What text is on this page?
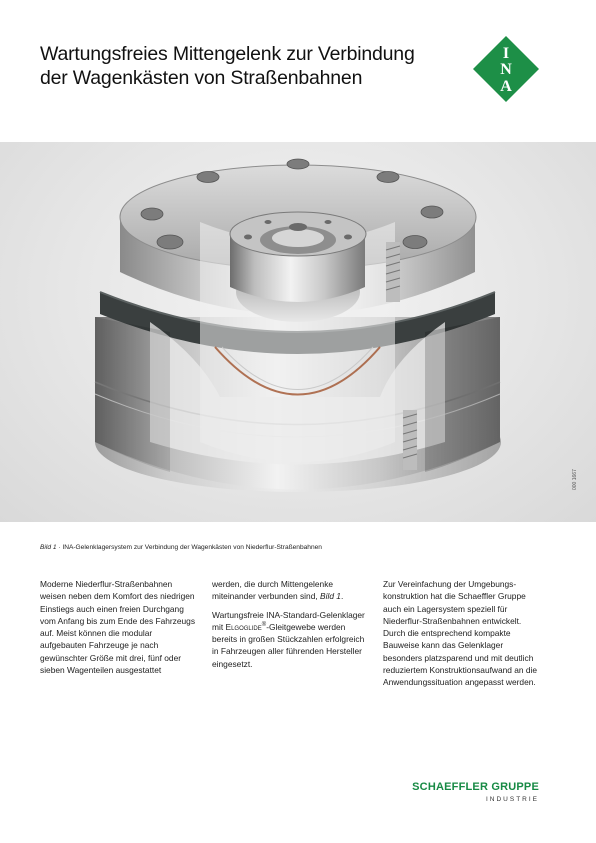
Wartungsfreies Mittengelenk zur Verbindung
der Wagenkästen von Straßenbahnen
I
N
A
000 1667
Bild 1 · INA-Gelenklagersystem zur Verbindung der Wagenkästen von Niederflur-Straßenbahnen

Moderne Niederflur-Straßenbahnen weisen neben dem Komfort des niedrigen Einstiegs auch einen freien Durchgang vom Anfang bis zum Ende des Fahrzeugs auf. Meist können die modular aufgebauten Fahrzeuge je nach gewünschter Größe mit drei, fünf oder sieben Wagenteilen ausgestattet

werden, die durch Mittengelenke miteinander verbunden sind, Bild 1.

Wartungsfreie INA-Standard-Gelenklager mit Elgoglide®-Gleitgewebe werden bereits in großen Stückzahlen erfolgreich in Fahrzeugen aller führenden Hersteller eingesetzt.

Zur Vereinfachung der Umgebungskonstruktion hat die Schaeffler Gruppe auch ein Lagersystem speziell für Niederflur-Straßenbahnen entwickelt. Durch die entsprechend kompakte Bauweise kann das Gelenklager besonders platzsparend und mit deutlich reduziertem Konstruktionsaufwand an die Anwendungssituation angepasst werden.

SCHAEFFLER GRUPPE
INDUSTRIE
